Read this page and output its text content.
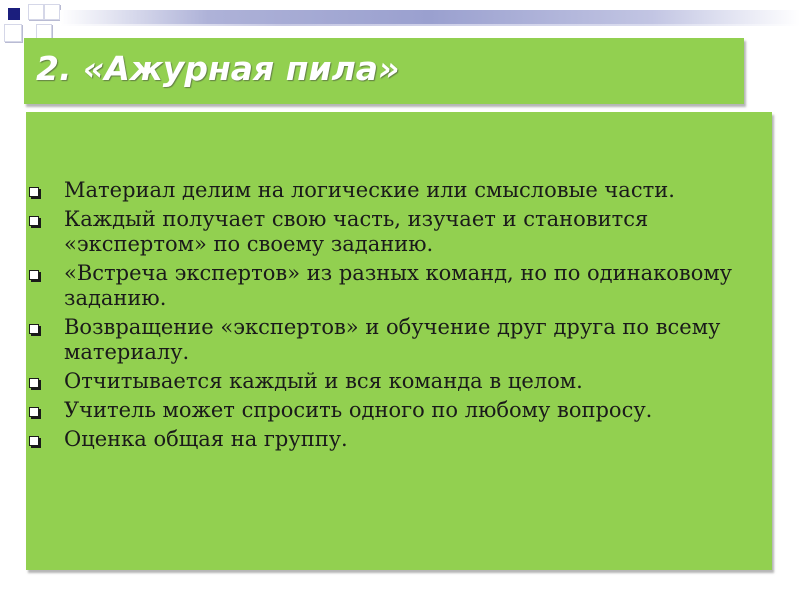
2. «Ажурная пила»
Материал делим на логические или смысловые части.
Каждый получает свою часть, изучает и становится «экспертом» по своему заданию.
«Встреча экспертов» из разных команд, но по одинаковому заданию.
Возвращение «экспертов» и обучение друг друга по всему материалу.
Отчитывается каждый и вся команда в целом.
Учитель может спросить одного по любому вопросу.
Оценка общая на группу.
